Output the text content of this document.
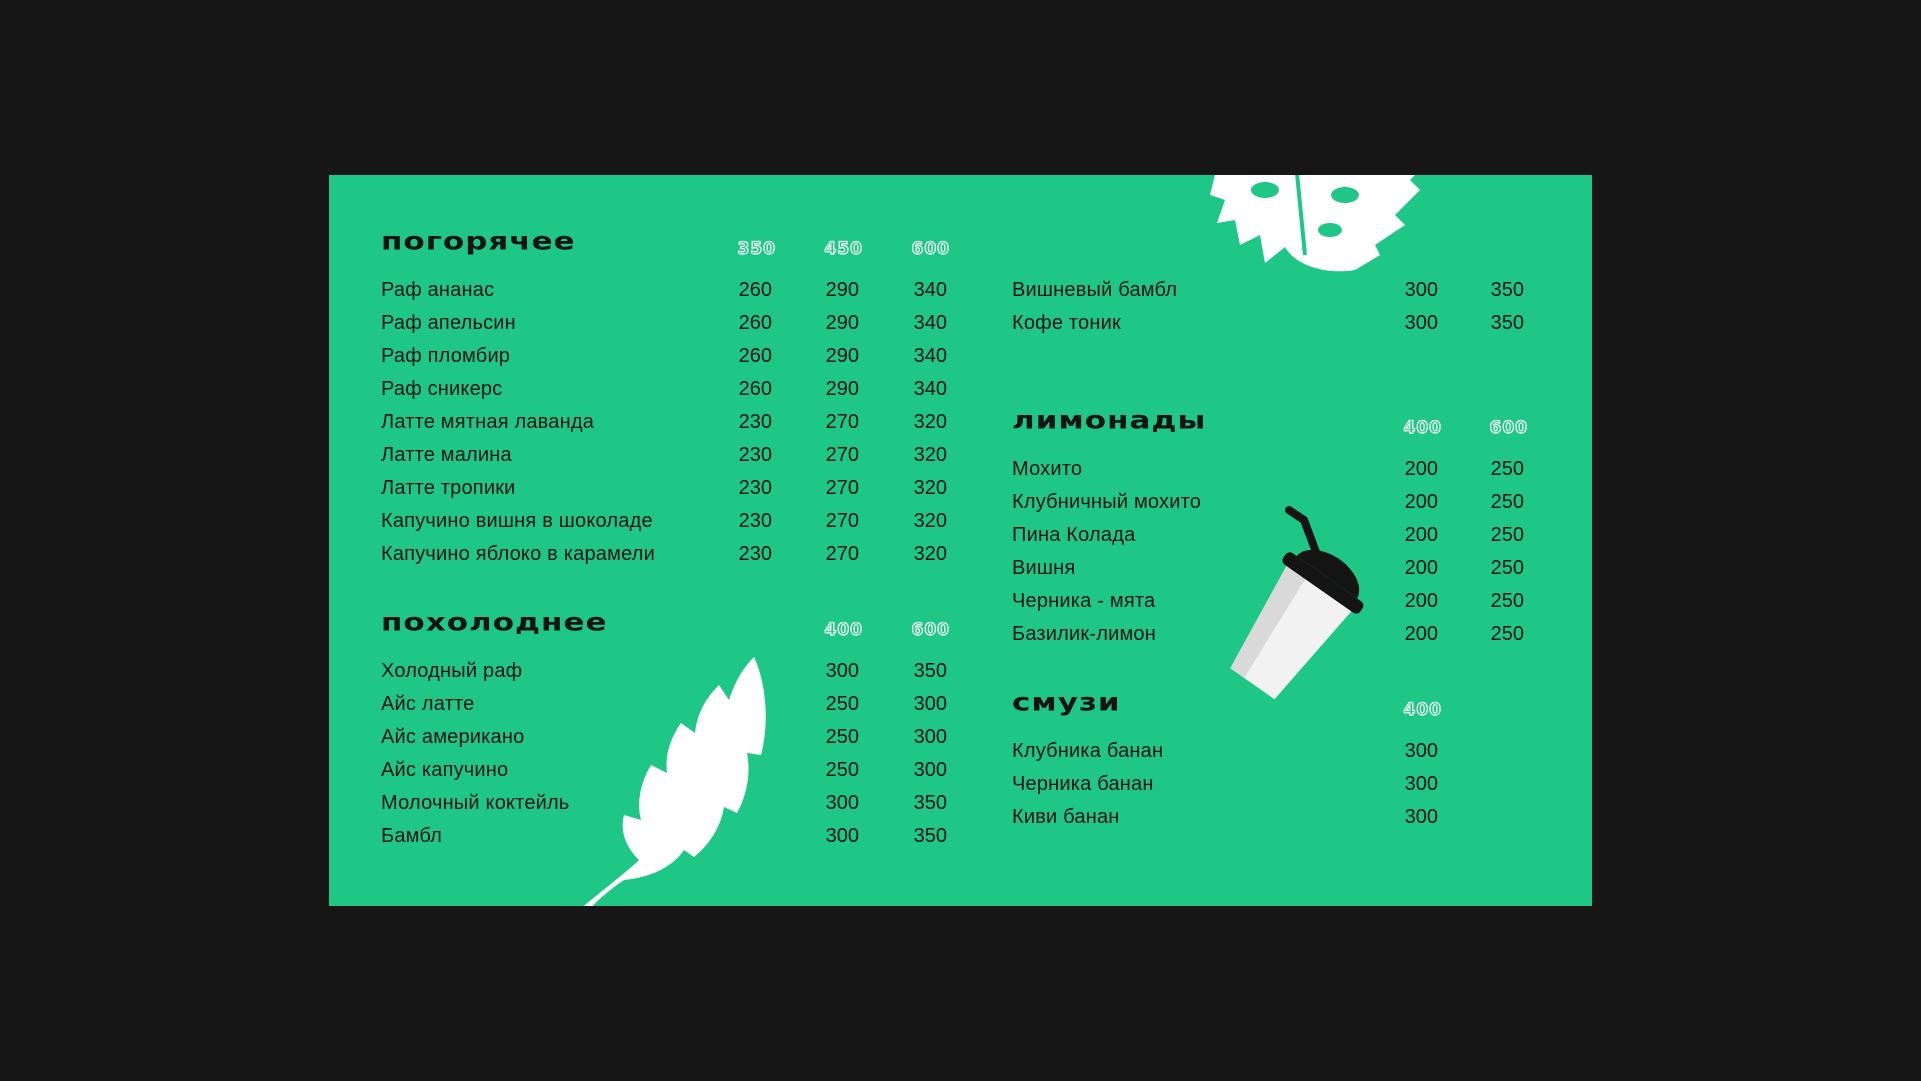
погорячее	350	450	600
Раф ананас	260	290	340
Раф апельсин	260	290	340
Раф пломбир	260	290	340
Раф сникерс	260	290	340
Латте мятная лаванда	230	270	320
Латте малина	230	270	320
Латте тропики	230	270	320
Капучино вишня в шоколаде	230	270	320
Капучино яблоко в карамели	230	270	320
похолоднее	400	600
Холодный раф	300	350
Айс латте	250	300
Айс американо	250	300
Айс капучино	250	300
Молочный коктейль	300	350
Бамбл	300	350
Вишневый бамбл	300	350
Кофе тоник	300	350
лимонады	400	600
Мохито	200	250
Клубничный мохито	200	250
Пина Колада	200	250
Вишня	200	250
Черника - мята	200	250
Базилик-лимон	200	250
смузи	400
Клубника банан	300
Черника банан	300
Киви банан	300
